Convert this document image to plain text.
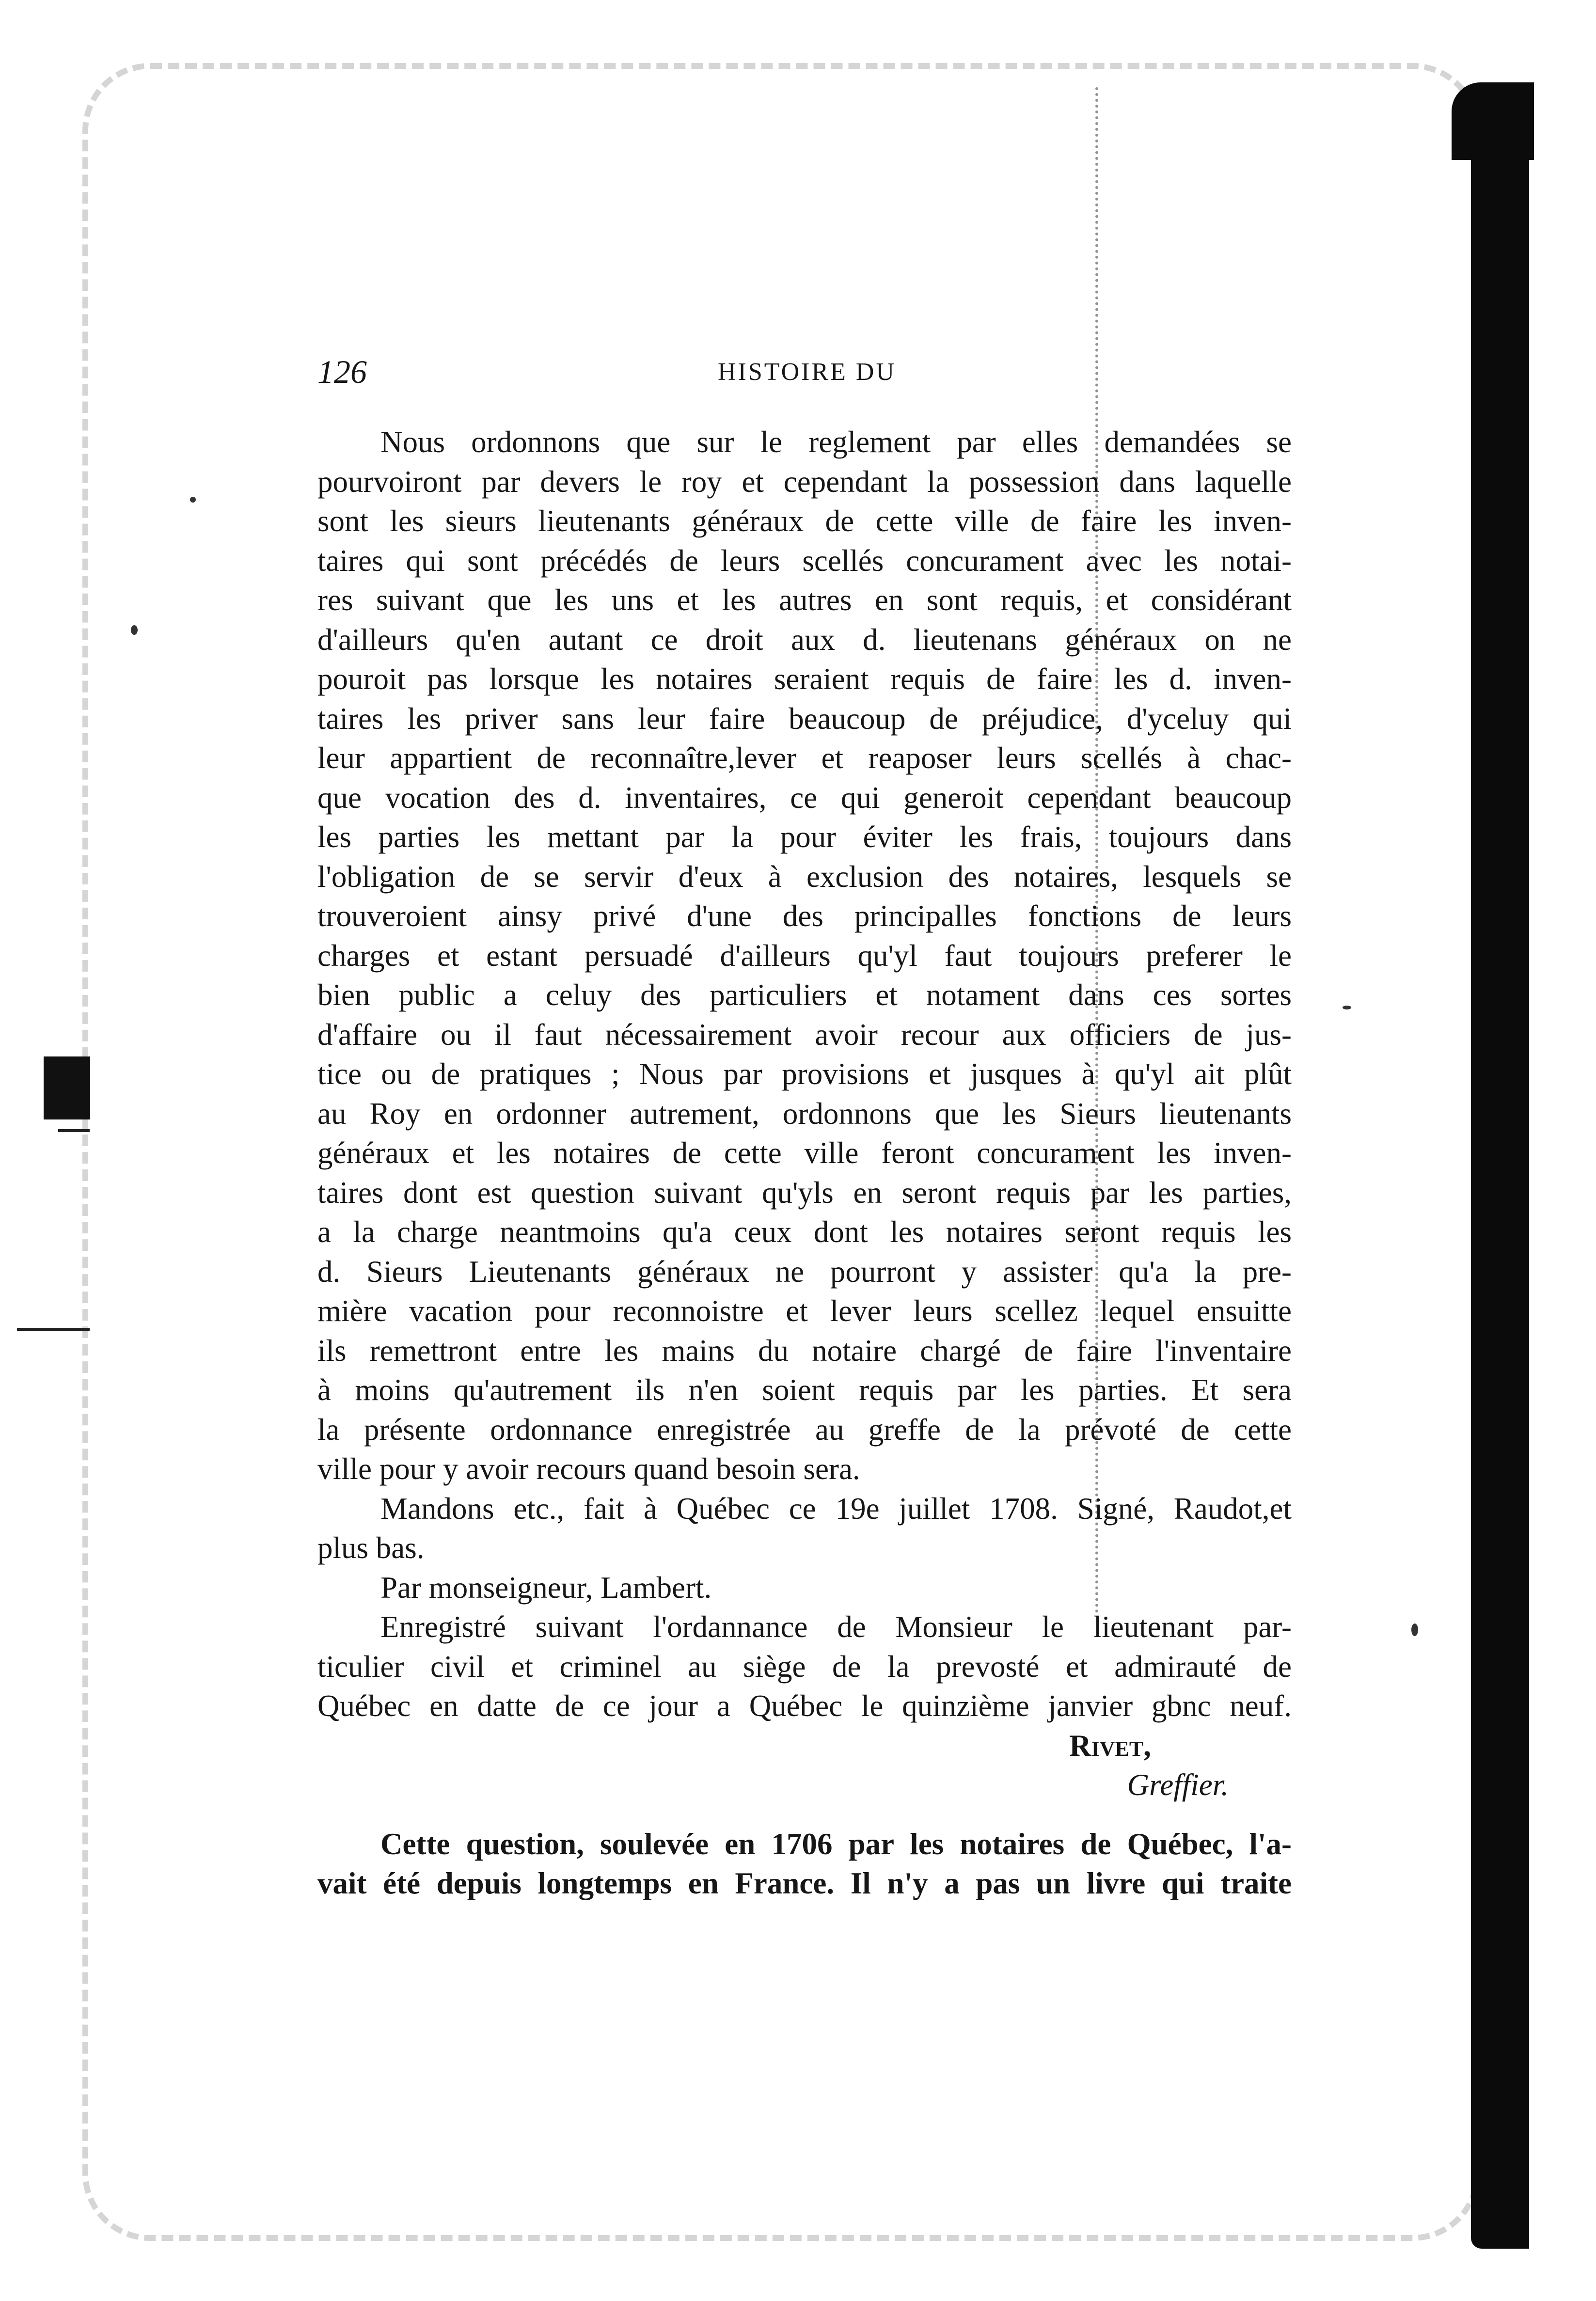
126	HISTOIRE DU
Nous ordonnons que sur le reglement par elles demandées se
pourvoiront par devers le roy et cependant la possession dans laquelle
sont les sieurs lieutenants généraux de cette ville de faire les inven-
taires qui sont précédés de leurs scellés concurament avec les notai-
res suivant que les uns et les autres en sont requis, et considérant
d'ailleurs qu'en autant ce droit aux d. lieutenans généraux on ne
pouroit pas lorsque les notaires seraient requis de faire les d. inven-
taires les priver sans leur faire beaucoup de préjudice, d'yceluy qui
leur appartient de reconnaître,lever et reaposer leurs scellés à chac-
que vocation des d. inventaires, ce qui generoit cependant beaucoup
les parties les mettant par la pour éviter les frais, toujours dans
l'obligation de se servir d'eux à exclusion des notaires, lesquels se
trouveroient ainsy privé d'une des principalles fonctions de leurs
charges et estant persuadé d'ailleurs qu'yl faut toujours preferer le
bien public a celuy des particuliers et notament dans ces sortes
d'affaire ou il faut nécessairement avoir recour aux officiers de jus-
tice ou de pratiques ; Nous par provisions et jusques à qu'yl ait plût
au Roy en ordonner autrement, ordonnons que les Sieurs lieutenants
généraux et les notaires de cette ville feront concurament les inven-
taires dont est question suivant qu'yls en seront requis par les parties,
a la charge neantmoins qu'a ceux dont les notaires seront requis les
d. Sieurs Lieutenants généraux ne pourront y assister qu'a la pre-
mière vacation pour reconnoistre et lever leurs scellez lequel ensuitte
ils remettront entre les mains du notaire chargé de faire l'inventaire
à moins qu'autrement ils n'en soient requis par les parties. Et sera
la présente ordonnance enregistrée au greffe de la prévoté de cette
ville pour y avoir recours quand besoin sera.
Mandons etc., fait à Québec ce 19e juillet 1708. Signé, Raudot,et
plus bas.
Par monseigneur, Lambert.
Enregistré suivant l'ordannance de Monsieur le lieutenant par-
ticulier civil et criminel au siège de la prevosté et admirauté de
Québec en datte de ce jour a Québec le quinzième janvier gbnc neuf.
Rivet,
Greffier.
Cette question, soulevée en 1706 par les notaires de Québec, l'a-
vait été depuis longtemps en France. Il n'y a pas un livre qui traite
